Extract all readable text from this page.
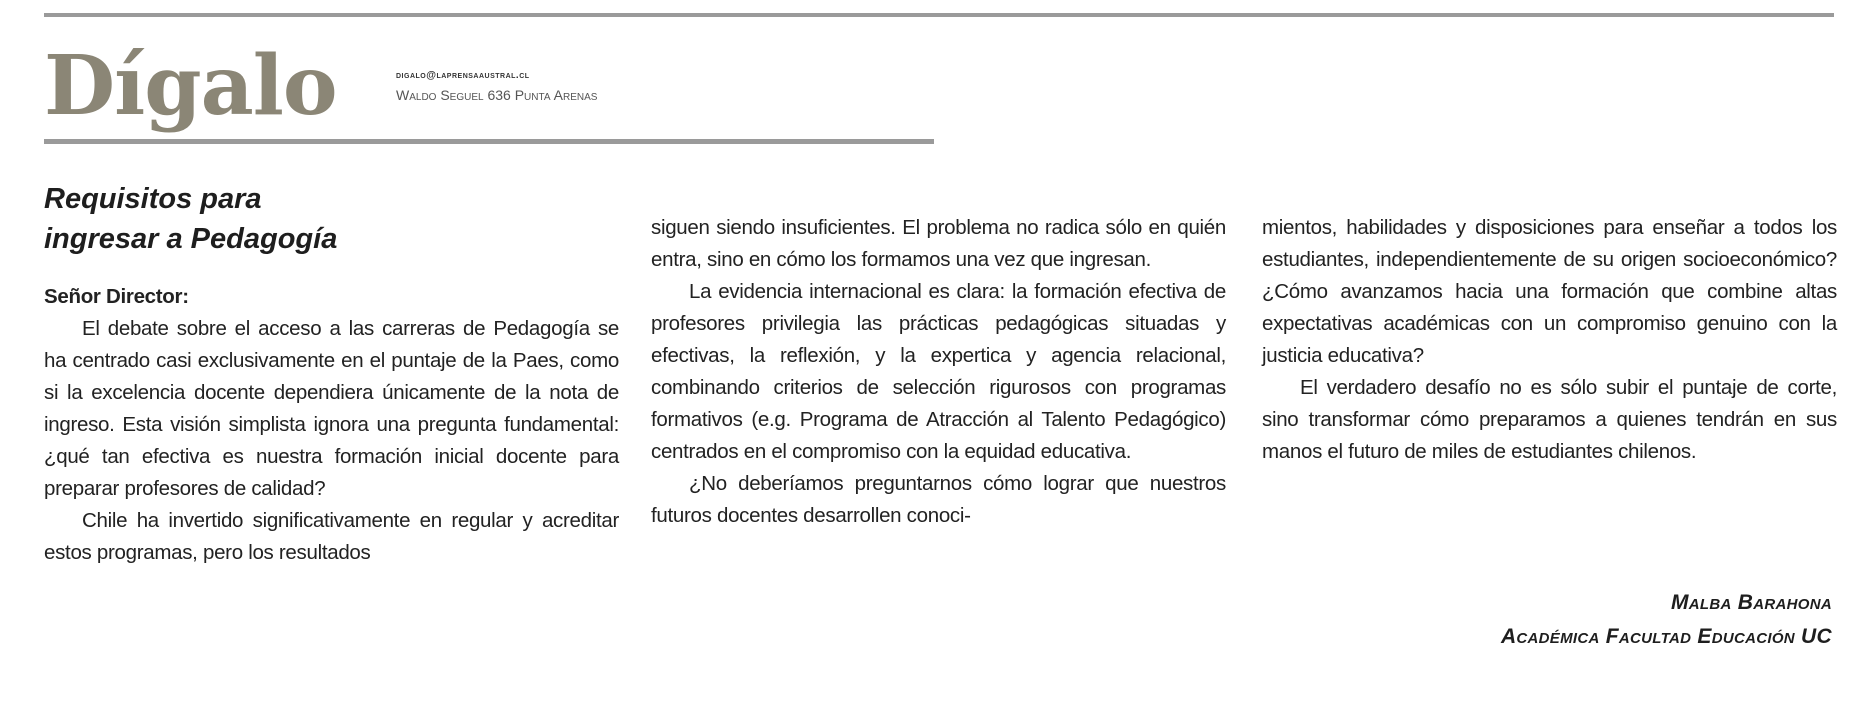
Dígalo	digalo@laprensaaustral.cl
Waldo Seguel 636 Punta Arenas
Requisitos para
ingresar a Pedagogía

Señor Director:

El debate sobre el acceso a las carreras de Pedagogía se ha centrado casi exclusivamente en el puntaje de la Paes, como si la excelencia docente dependiera únicamente de la nota de ingreso. Esta visión simplista ignora una pregunta fundamental: ¿qué tan efectiva es nuestra formación inicial docente para preparar profesores de calidad?

Chile ha invertido significativamente en regular y acreditar estos programas, pero los resultados

siguen siendo insuficientes. El problema no radica sólo en quién entra, sino en cómo los formamos una vez que ingresan.

La evidencia internacional es clara: la formación efectiva de profesores privilegia las prácticas pedagógicas situadas y efectivas, la reflexión, y la expertica y agencia relacional, combinando criterios de selección rigurosos con programas formativos (e.g. Programa de Atracción al Talento Pedagógico) centrados en el compromiso con la equidad educativa.

¿No deberíamos preguntarnos cómo lograr que nuestros futuros docentes desarrollen conoci-

mientos, habilidades y disposiciones para enseñar a todos los estudiantes, independientemente de su origen socioeconómico? ¿Cómo avanzamos hacia una formación que combine altas expectativas académicas con un compromiso genuino con la justicia educativa?

El verdadero desafío no es sólo subir el puntaje de corte, sino transformar cómo preparamos a quienes tendrán en sus manos el futuro de miles de estudiantes chilenos.

Malba Barahona
Académica Facultad Educación UC
